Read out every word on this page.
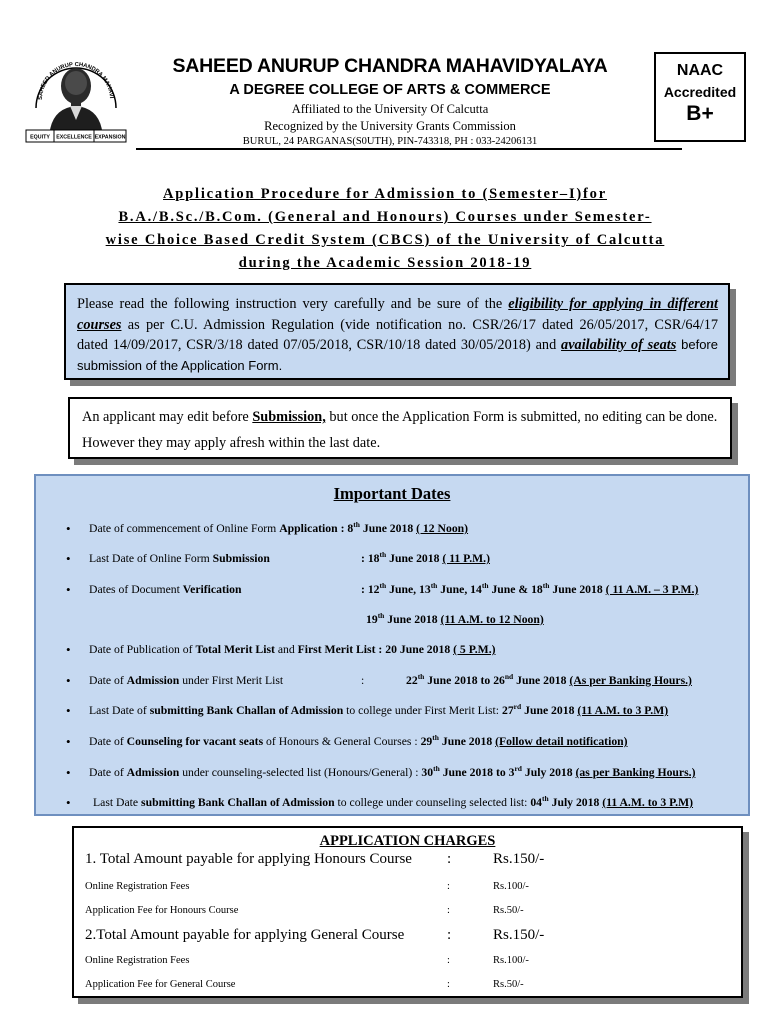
SAHEED ANURUP CHANDRA MAHAVI
EQUITY EXCELLENCE EXPANSION
SAHEED ANURUP CHANDRA MAHAVIDYALAYA
A DEGREE COLLEGE OF ARTS & COMMERCE
Affiliated to the University Of Calcutta
Recognized by the University Grants Commission
BURUL, 24 PARGANAS(S0UTH), PIN-743318, PH : 033-24206131
NAAC
Accredited
B+
Application Procedure for Admission to (Semester–I)for
B.A./B.Sc./B.Com. (General and Honours) Courses under Semester-
wise Choice Based Credit System (CBCS) of the University of Calcutta
during the Academic Session 2018-19
Please read the following instruction very carefully and be sure of the eligibility for applying in different courses as per C.U. Admission Regulation (vide notification no. CSR/26/17 dated 26/05/2017, CSR/64/17 dated 14/09/2017, CSR/3/18 dated 07/05/2018, CSR/10/18 dated 30/05/2018) and availability of seats before submission of the Application Form.
An applicant may edit before Submission, but once the Application Form is submitted, no editing can be done. However they may apply afresh within the last date.
Important Dates
• Date of commencement of Online Form Application : 8th June 2018 ( 12 Noon)
• Last Date of Online Form Submission	: 18th June 2018 ( 11 P.M.)
• Dates of Document Verification	: 12th June, 13th June, 14th June & 18th June 2018 ( 11 A.M. – 3 P.M.)
19th June 2018 (11 A.M. to 12 Noon)
• Date of Publication of Total Merit List and First Merit List : 20 June 2018 ( 5 P.M.)
• Date of Admission under First Merit List	:	22th June 2018 to 26nd June 2018 (As per Banking Hours.)
• Last Date of submitting Bank Challan of Admission to college under First Merit List: 27rd June 2018 (11 A.M. to 3 P.M)
• Date of Counseling for vacant seats of Honours & General Courses : 29th June 2018 (Follow detail notification)
• Date of Admission under counseling-selected list (Honours/General) : 30th June 2018 to 3rd July 2018 (as per Banking Hours.)
• Last Date submitting Bank Challan of Admission to college under counseling selected list: 04th July 2018 (11 A.M. to 3 P.M)
APPLICATION CHARGES
1. Total Amount payable for applying Honours Course :	Rs.150/-
Online Registration Fees	:	Rs.100/-
Application Fee for Honours Course	:	Rs.50/-
2.Total Amount payable for applying General Course	:	Rs.150/-
Online Registration Fees	:	Rs.100/-
Application Fee for General Course	:	Rs.50/-
